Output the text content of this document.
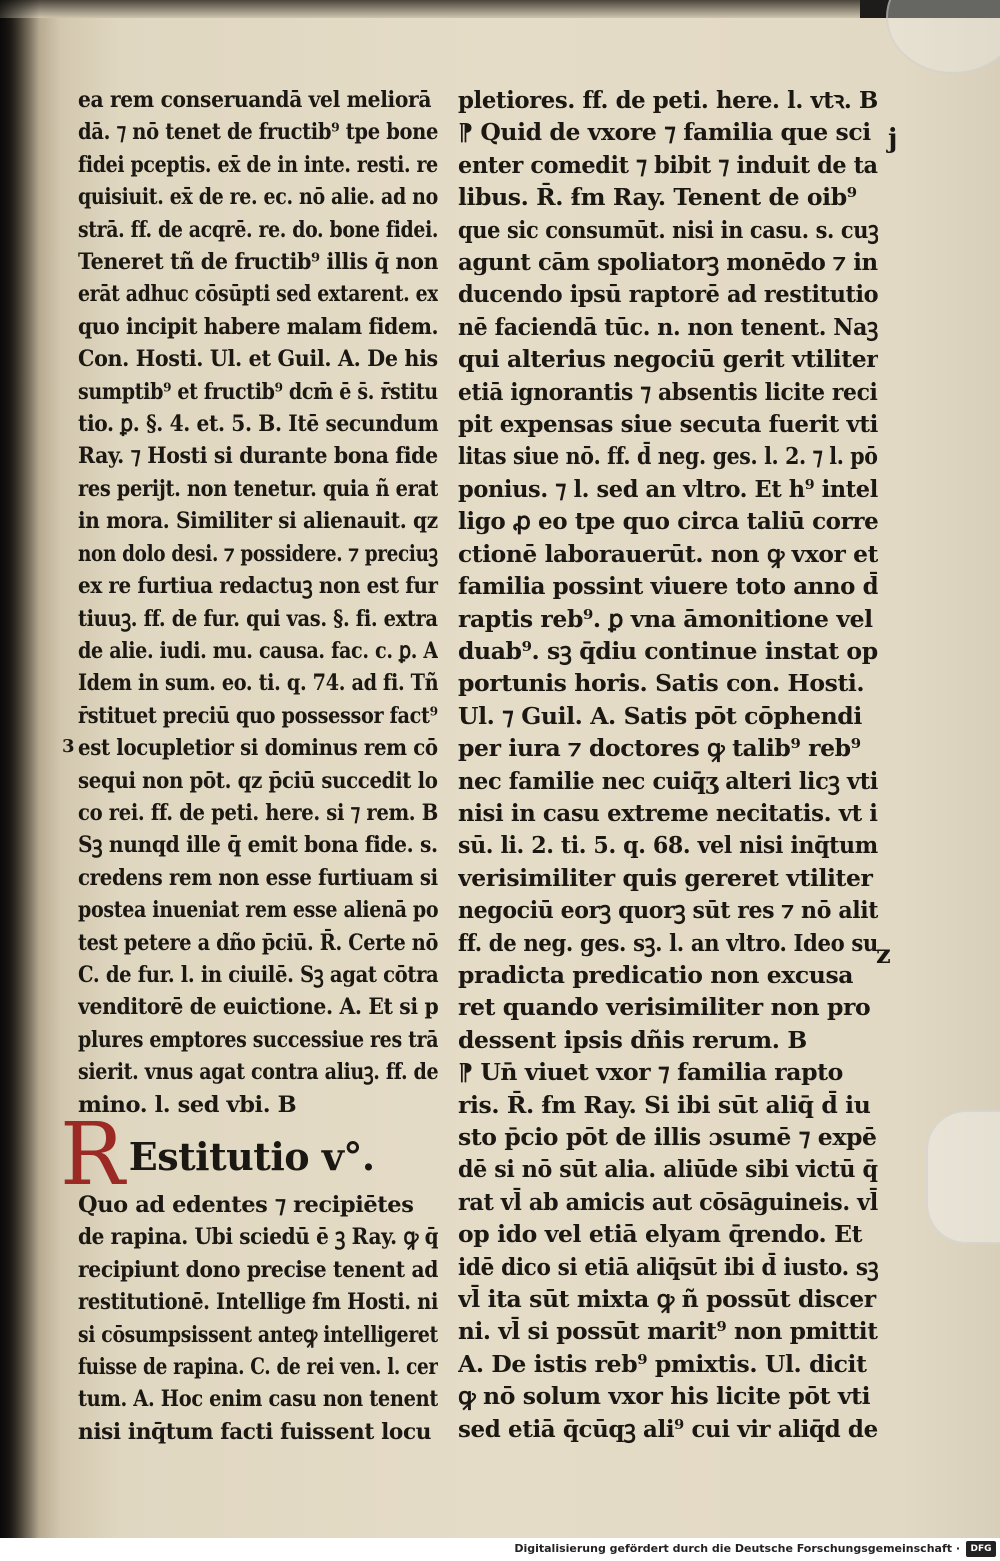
ea rem conseruandā vel meliorā ⁠
dā. ⁊ nō tenet de fructib⁹ tpe bone
fidei pceptis. ex̄ de in inte. resti. re
quisiuit. ex̄ de re. ec. nō alie. ad no
strā. ff. de acqrē. re. do. bone fidei.
Teneret tñ de fructib⁹ illis q̄ non
erāt adhuc cōsūpti sed extarent. ex
quo incipit habere malam fidem.
Con. Hosti. Ul. et Guil. A. De his
sumptib⁹ et fructib⁹ dcm̄ ē s̄. r̄stitu
tio. ꝑ. §. 4. et. 5. B. Itē secundum
Ray. ⁊ Hosti si durante bona fide
res perijt. non tenetur. quia ñ erat
in mora. Similiter si alienauit. qz
non dolo desi. ⁊ possidere. ⁊ preciuꝫ
ex re furtiua redactuꝫ non est fur
tiuuꝫ. ff. de fur. qui vas. §. fi. extra
de alie. iudi. mu. causa. fac. c. ꝑ. A
Idem in sum. eo. ti. q. 74. ad fi. Tñ
r̄stituet preciū quo possessor fact⁹
est locupletior si dominus rem cō
sequi non pōt. qz p̄ciū succedit lo
co rei. ff. de peti. here. si ⁊ rem. B
Sꝫ nunqd ille q̄ emit bona fide. s.
credens rem non esse furtiuam si
postea inueniat rem esse alienā po
test petere a dño p̄ciū. R̄. Certe nō
C. de fur. l. in ciuilē. Sꝫ agat cōtra
venditorē de euictione. A. Et si p
plures emptores successiue res trā
sierit. vnus agat contra aliuꝫ. ff. de
mino. l. sed vbi. B
R Estitutio v°.
Quo ad edentes ⁊ recipiētes
de rapina. Ubi sciedū ē ꝫ Ray. ꝙ q̄
recipiunt dono precise tenent ad
restitutionē. Intellige ẜm Hosti. ni
si cōsumpsissent anteꝙ intelligeret
fuisse de rapina. C. de rei ven. l. cer
tum. A. Hoc enim casu non tenent
nisi inq̄tum facti fuissent locu ⁠
pletiores. ff. de peti. here. l. vtꝛ. B
⁋ Quid de vxore ⁊ familia que sci
enter comedit ⁊ bibit ⁊ induit de ta
libus. R̄. ẜm Ray. Tenent de oib⁹
que sic consumūt. nisi in casu. s. cuꝫ
agunt cām spoliatorꝫ monēdo ⁊ in
ducendo ipsū raptorē ad restitutio
nē faciendā tūc. n. non tenent. Naꝫ
qui alterius negociū gerit vtiliter
etiā ignorantis ⁊ absentis licite reci
pit expensas siue secuta fuerit vti
litas siue nō. ff. d̄ neg. ges. l. 2. ⁊ l. pō
ponius. ⁊ l. sed an vltro. Et h⁹ intel
ligo ꝓ eo tpe quo circa taliū corre
ctionē laborauerūt. non ꝙ vxor et
familia possint viuere toto anno d̄
raptis reb⁹. ꝑ vna āmonitione vel
duab⁹. sꝫ q̄diu continue instat op
portunis horis. Satis con. Hosti.
Ul. ⁊ Guil. A. Satis pōt cōphendi
per iura ⁊ doctores ꝙ talib⁹ reb⁹
nec familie nec cuiq̄ʒ alteri licꝫ vti
nisi in casu extreme necitatis. vt i
sū. li. 2. ti. 5. q. 68. vel nisi inq̄tum
verisimiliter quis gereret vtiliter
negociū eorꝫ quorꝫ sūt res ⁊ nō alit
ff. de neg. ges. sꝫ. l. an vltro. Ideo su
pradicta predicatio non excusa
ret quando verisimiliter non pro
dessent ipsis dñis rerum. B
⁋ Un̄ viuet vxor ⁊ familia rapto
ris. R̄. ẜm Ray. Si ibi sūt aliq̄ d̄ iu
sto p̄cio pōt de illis ɔsumē ⁊ expē
dē si nō sūt alia. aliūde sibi victū q̄
rat vl̄ ab amicis aut cōsāguineis. vl̄
op ido vel etiā elyam q̄rendo. Et
idē dico si etiā aliq̄sūt ibi d̄ iusto. sꝫ
vl̄ ita sūt mixta ꝙ ñ possūt discer
ni. vl̄ si possūt marit⁹ non pmittit
A. De istis reb⁹ pmixtis. Ul. dicit
ꝙ nō solum vxor his licite pōt vti
sed etiā q̄cūqꝫ ali⁹ cui vir aliq̄d de
j
z
3
Digitalisierung gefördert durch die Deutsche Forschungsgemeinschaft ·	DFG
